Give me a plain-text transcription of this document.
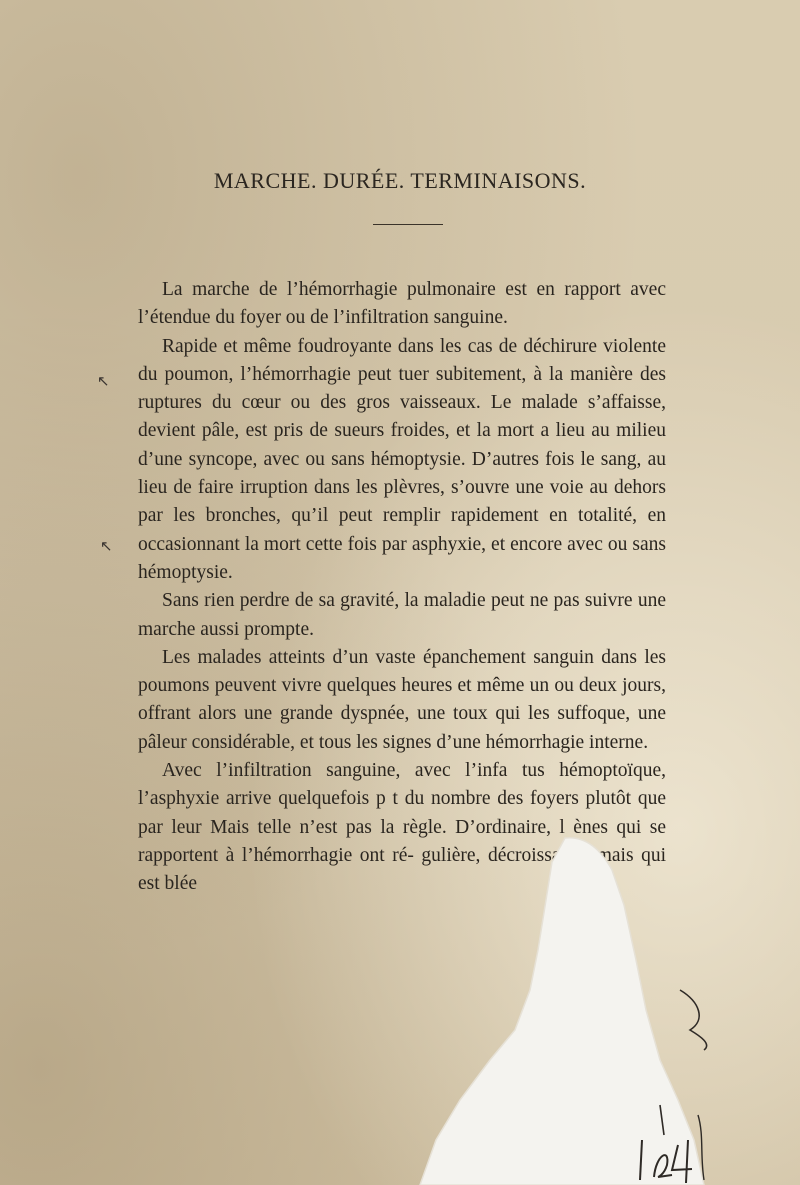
MARCHE. DURÉE. TERMINAISONS.

La marche de l’hémorrhagie pulmonaire est en rapport avec l’étendue du foyer ou de l’infiltration sanguine.

Rapide et même foudroyante dans les cas de déchirure violente du poumon, l’hémorrhagie peut tuer subitement, à la manière des ruptures du cœur ou des gros vaisseaux. Le malade s’affaisse, devient pâle, est pris de sueurs froides, et la mort a lieu au milieu d’une syncope, avec ou sans hémoptysie. D’autres fois le sang, au lieu de faire irruption dans les plèvres, s’ouvre une voie au dehors par les bronches, qu’il peut remplir rapidement en totalité, en occasionnant la mort cette fois par asphyxie, et encore avec ou sans hémoptysie.

Sans rien perdre de sa gravité, la maladie peut ne pas suivre une marche aussi prompte.

Les malades atteints d’un vaste épanchement sanguin dans les poumons peuvent vivre quelques heures et même un ou deux jours, offrant alors une grande dyspnée, une toux qui les suffoque, une pâleur considérable, et tous les signes d’une hémorrhagie interne.

Avec l’infiltration sanguine, avec l’infa tus hémoptoïque, l’asphyxie arrive quelquefois p t du nombre des foyers plutôt que par leur Mais telle n’est pas la règle. D’ordinaire, l ènes qui se rapportent à l’hémorrhagie ont ré- gulière, décroissante, mais qui est blée

↖
↖
